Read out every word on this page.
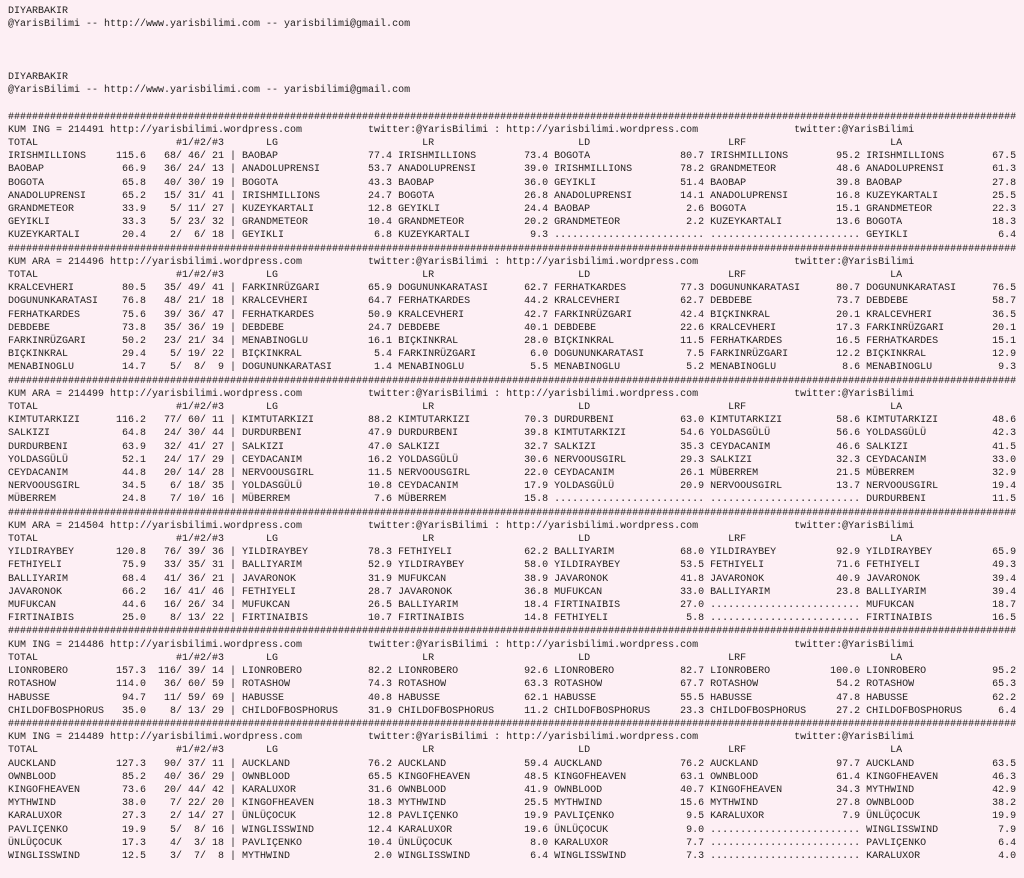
DIYARBAKIR
@YarisBilimi -- http://www.yarisbilimi.com -- yarisbilimi@gmail.com
DIYARBAKIR
@YarisBilimi -- http://www.yarisbilimi.com -- yarisbilimi@gmail.com
########################################################################################################################################################################
KUM ING = 214491 http://yarisbilimi.wordpress.com           twitter:@YarisBilimi : http://yarisbilimi.wordpress.com                twitter:@YarisBilimi
TOTAL                       #1/#2/#3       LG                        LR                        LD                       LRF                        LA
IRISHMILLIONS     115.6   68/ 46/ 21 | BAOBAP               77.4 IRISHMILLIONS        73.4 BOGOTA               80.7 IRISHMILLIONS        95.2 IRISHMILLIONS        67.5
BAOBAP             66.9   36/ 24/ 13 | ANADOLUPRENSI        53.7 ANADOLUPRENSI        39.0 IRISHMILLIONS        78.2 GRANDMETEOR          48.6 ANADOLUPRENSI        61.3
BOGOTA             65.8   40/ 30/ 19 | BOGOTA               43.3 BAOBAP               36.0 GEYIKLI              51.4 BAOBAP               39.8 BAOBAP               27.8
ANADOLUPRENSI      65.2   15/ 31/ 41 | IRISHMILLIONS        24.7 BOGOTA               26.8 ANADOLUPRENSI        14.1 ANADOLUPRENSI        16.8 KUZEYKARTALI         25.5
GRANDMETEOR        33.9    5/ 11/ 27 | KUZEYKARTALI         12.8 GEYIKLI              24.4 BAOBAP                2.6 BOGOTA               15.1 GRANDMETEOR          22.3
GEYIKLI            33.3    5/ 23/ 32 | GRANDMETEOR          10.4 GRANDMETEOR          20.2 GRANDMETEOR           2.2 KUZEYKARTALI         13.6 BOGOTA               18.3
KUZEYKARTALI       20.4    2/  6/ 18 | GEYIKLI               6.8 KUZEYKARTALI          9.3 ......................... ......................... GEYIKLI               6.4
########################################################################################################################################################################
KUM ARA = 214496 http://yarisbilimi.wordpress.com           twitter:@YarisBilimi : http://yarisbilimi.wordpress.com                twitter:@YarisBilimi
TOTAL                       #1/#2/#3       LG                        LR                        LD                       LRF                        LA
KRALCEVHERI        80.5   35/ 49/ 41 | FARKINRÜZGARI        65.9 DOGUNUNKARATASI      62.7 FERHATKARDES         77.3 DOGUNUNKARATASI      80.7 DOGUNUNKARATASI      76.5
DOGUNUNKARATASI    76.8   48/ 21/ 18 | KRALCEVHERI          64.7 FERHATKARDES         44.2 KRALCEVHERI          62.7 DEBDEBE              73.7 DEBDEBE              58.7
FERHATKARDES       75.6   39/ 36/ 47 | FERHATKARDES         50.9 KRALCEVHERI          42.7 FARKINRÜZGARI        42.4 BIÇKINKRAL           20.1 KRALCEVHERI          36.5
DEBDEBE            73.8   35/ 36/ 19 | DEBDEBE              24.7 DEBDEBE              40.1 DEBDEBE              22.6 KRALCEVHERI          17.3 FARKINRÜZGARI        20.1
FARKINRÜZGARI      50.2   23/ 21/ 34 | MENABINOGLU          16.1 BIÇKINKRAL           28.0 BIÇKINKRAL           11.5 FERHATKARDES         16.5 FERHATKARDES         15.1
BIÇKINKRAL         29.4    5/ 19/ 22 | BIÇKINKRAL            5.4 FARKINRÜZGARI         6.0 DOGUNUNKARATASI       7.5 FARKINRÜZGARI        12.2 BIÇKINKRAL           12.9
MENABINOGLU        14.7    5/  8/  9 | DOGUNUNKARATASI       1.4 MENABINOGLU           5.5 MENABINOGLU           5.2 MENABINOGLU           8.6 MENABINOGLU           9.3
########################################################################################################################################################################
KUM ARA = 214499 http://yarisbilimi.wordpress.com           twitter:@YarisBilimi : http://yarisbilimi.wordpress.com                twitter:@YarisBilimi
TOTAL                       #1/#2/#3       LG                        LR                        LD                       LRF                        LA
KIMTUTARKIZI      116.2   77/ 60/ 11 | KIMTUTARKIZI         88.2 KIMTUTARKIZI         70.3 DURDURBENI           63.0 KIMTUTARKIZI         58.6 KIMTUTARKIZI         48.6
SALKIZI            64.8   24/ 30/ 44 | DURDURBENI           47.9 DURDURBENI           39.8 KIMTUTARKIZI         54.6 YOLDASGÜLÜ           56.6 YOLDASGÜLÜ           42.3
DURDURBENI         63.9   32/ 41/ 27 | SALKIZI              47.0 SALKIZI              32.7 SALKIZI              35.3 CEYDACANIM           46.6 SALKIZI              41.5
YOLDASGÜLÜ         52.1   24/ 17/ 29 | CEYDACANIM           16.2 YOLDASGÜLÜ           30.6 NERVOOUSGIRL         29.3 SALKIZI              32.3 CEYDACANIM           33.0
CEYDACANIM         44.8   20/ 14/ 28 | NERVOOUSGIRL         11.5 NERVOOUSGIRL         22.0 CEYDACANIM           26.1 MÜBERREM             21.5 MÜBERREM             32.9
NERVOOUSGIRL       34.5    6/ 18/ 35 | YOLDASGÜLÜ           10.8 CEYDACANIM           17.9 YOLDASGÜLÜ           20.9 NERVOOUSGIRL         13.7 NERVOOUSGIRL         19.4
MÜBERREM           24.8    7/ 10/ 16 | MÜBERREM              7.6 MÜBERREM             15.8 ......................... ......................... DURDURBENI           11.5
########################################################################################################################################################################
KUM ARA = 214504 http://yarisbilimi.wordpress.com           twitter:@YarisBilimi : http://yarisbilimi.wordpress.com                twitter:@YarisBilimi
TOTAL                       #1/#2/#3       LG                        LR                        LD                       LRF                        LA
YILDIRAYBEY       120.8   76/ 39/ 36 | YILDIRAYBEY          78.3 FETHIYELI            62.2 BALLIYARIM           68.0 YILDIRAYBEY          92.9 YILDIRAYBEY          65.9
FETHIYELI          75.9   33/ 35/ 31 | BALLIYARIM           52.9 YILDIRAYBEY          58.0 YILDIRAYBEY          53.5 FETHIYELI            71.6 FETHIYELI            49.3
BALLIYARIM         68.4   41/ 36/ 21 | JAVARONOK            31.9 MUFUKCAN             38.9 JAVARONOK            41.8 JAVARONOK            40.9 JAVARONOK            39.4
JAVARONOK          66.2   16/ 41/ 46 | FETHIYELI            28.7 JAVARONOK            36.8 MUFUKCAN             33.0 BALLIYARIM           23.8 BALLIYARIM           39.4
MUFUKCAN           44.6   16/ 26/ 34 | MUFUKCAN             26.5 BALLIYARIM           18.4 FIRTINAIBIS          27.0 ......................... MUFUKCAN             18.7
FIRTINAIBIS        25.0    8/ 13/ 22 | FIRTINAIBIS          10.7 FIRTINAIBIS          14.8 FETHIYELI             5.8 ......................... FIRTINAIBIS          16.5
########################################################################################################################################################################
KUM ING = 214486 http://yarisbilimi.wordpress.com           twitter:@YarisBilimi : http://yarisbilimi.wordpress.com                twitter:@YarisBilimi
TOTAL                       #1/#2/#3       LG                        LR                        LD                       LRF                        LA
LIONROBERO        157.3  116/ 39/ 14 | LIONROBERO           82.2 LIONROBERO           92.6 LIONROBERO           82.7 LIONROBERO          100.0 LIONROBERO           95.2
ROTASHOW          114.0   36/ 60/ 59 | ROTASHOW             74.3 ROTASHOW             63.3 ROTASHOW             67.7 ROTASHOW             54.2 ROTASHOW             65.3
HABUSSE            94.7   11/ 59/ 69 | HABUSSE              40.8 HABUSSE              62.1 HABUSSE              55.5 HABUSSE              47.8 HABUSSE              62.2
CHILDOFBOSPHORUS   35.0    8/ 13/ 29 | CHILDOFBOSPHORUS     31.9 CHILDOFBOSPHORUS     11.2 CHILDOFBOSPHORUS     23.3 CHILDOFBOSPHORUS     27.2 CHILDOFBOSPHORUS      6.4
########################################################################################################################################################################
KUM ING = 214489 http://yarisbilimi.wordpress.com           twitter:@YarisBilimi : http://yarisbilimi.wordpress.com                twitter:@YarisBilimi
TOTAL                       #1/#2/#3       LG                        LR                        LD                       LRF                        LA
AUCKLAND          127.3   90/ 37/ 11 | AUCKLAND             76.2 AUCKLAND             59.4 AUCKLAND             76.2 AUCKLAND             97.7 AUCKLAND             63.5
OWNBLOOD           85.2   40/ 36/ 29 | OWNBLOOD             65.5 KINGOFHEAVEN         48.5 KINGOFHEAVEN         63.1 OWNBLOOD             61.4 KINGOFHEAVEN         46.3
KINGOFHEAVEN       73.6   20/ 44/ 42 | KARALUXOR            31.6 OWNBLOOD             41.9 OWNBLOOD             40.7 KINGOFHEAVEN         34.3 MYTHWIND             42.9
MYTHWIND           38.0    7/ 22/ 20 | KINGOFHEAVEN         18.3 MYTHWIND             25.5 MYTHWIND             15.6 MYTHWIND             27.8 OWNBLOOD             38.2
KARALUXOR          27.3    2/ 14/ 27 | ÜNLÜÇOCUK            12.8 PAVLIÇENKO           19.9 PAVLIÇENKO            9.5 KARALUXOR             7.9 ÜNLÜÇOCUK            19.9
PAVLIÇENKO         19.9    5/  8/ 16 | WINGLISSWIND         12.4 KARALUXOR            19.6 ÜNLÜÇOCUK             9.0 ......................... WINGLISSWIND          7.9
ÜNLÜÇOCUK          17.3    4/  3/ 18 | PAVLIÇENKO           10.4 ÜNLÜÇOCUK             8.0 KARALUXOR             7.7 ......................... PAVLIÇENKO            6.4
WINGLISSWIND       12.5    3/  7/  8 | MYTHWIND              2.0 WINGLISSWIND          6.4 WINGLISSWIND          7.3 ......................... KARALUXOR             4.0
